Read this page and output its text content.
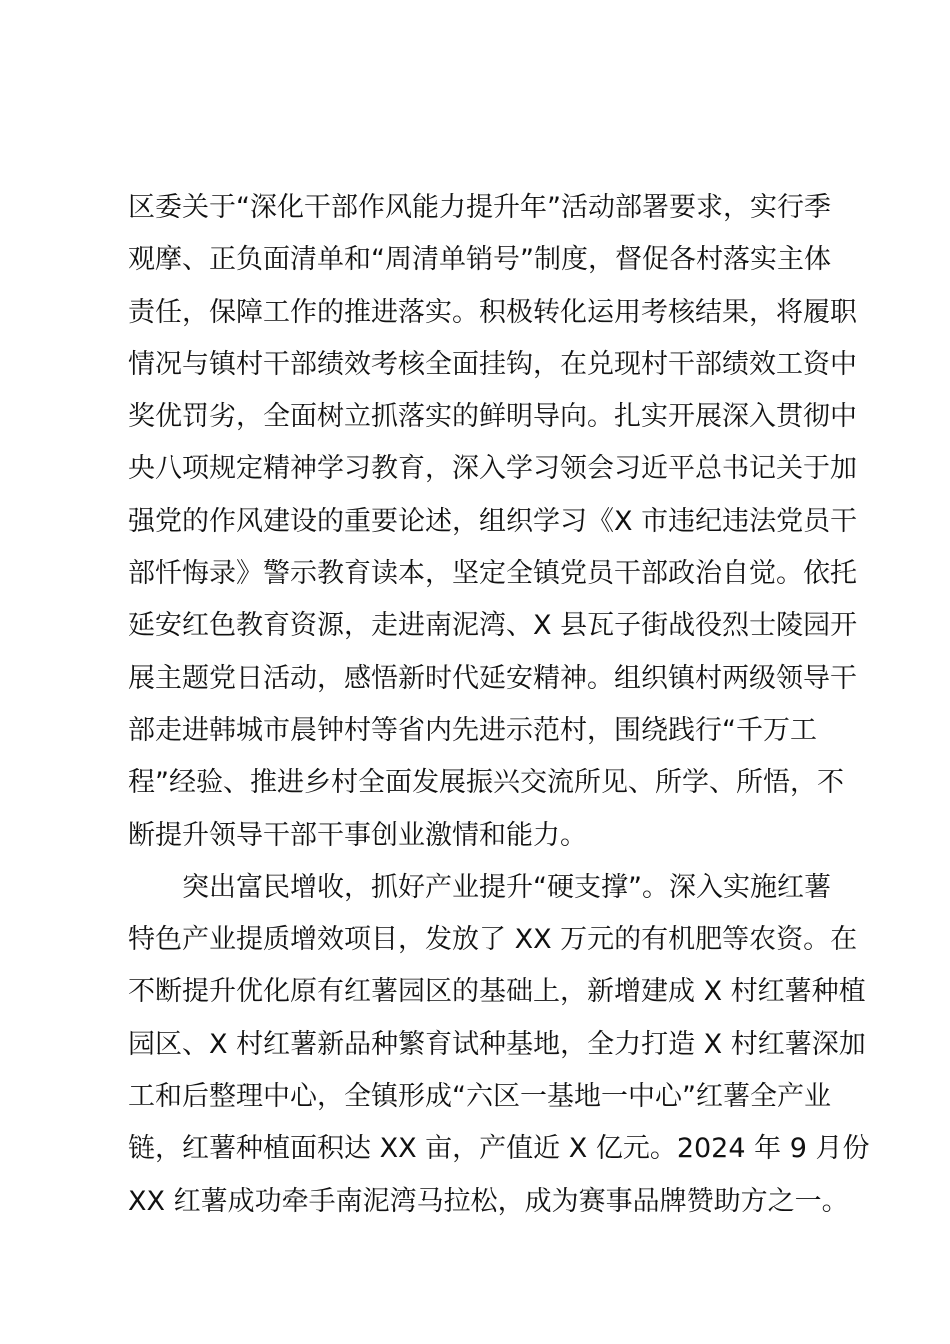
区委关于“深化干部作风能力提升年”活动部署要求，实行季
观摩、正负面清单和“周清单销号”制度，督促各村落实主体
责任，保障工作的推进落实。积极转化运用考核结果，将履职
情况与镇村干部绩效考核全面挂钩，在兑现村干部绩效工资中
奖优罚劣，全面树立抓落实的鲜明导向。扎实开展深入贯彻中
央八项规定精神学习教育，深入学习领会习近平总书记关于加
强党的作风建设的重要论述，组织学习《X 市违纪违法党员干
部忏悔录》警示教育读本，坚定全镇党员干部政治自觉。依托
延安红色教育资源，走进南泥湾、X 县瓦子街战役烈士陵园开
展主题党日活动，感悟新时代延安精神。组织镇村两级领导干
部走进韩城市晨钟村等省内先进示范村，围绕践行“千万工
程”经验、推进乡村全面发展振兴交流所见、所学、所悟，不
断提升领导干部干事创业激情和能力。
　　突出富民增收，抓好产业提升“硬支撑”。深入实施红薯
特色产业提质增效项目，发放了 XX 万元的有机肥等农资。在
不断提升优化原有红薯园区的基础上，新增建成 X 村红薯种植
园区、X 村红薯新品种繁育试种基地，全力打造 X 村红薯深加
工和后整理中心，全镇形成“六区一基地一中心”红薯全产业
链，红薯种植面积达 XX 亩，产值近 X 亿元。2024 年 9 月份
XX 红薯成功牵手南泥湾马拉松，成为赛事品牌赞助方之一。
